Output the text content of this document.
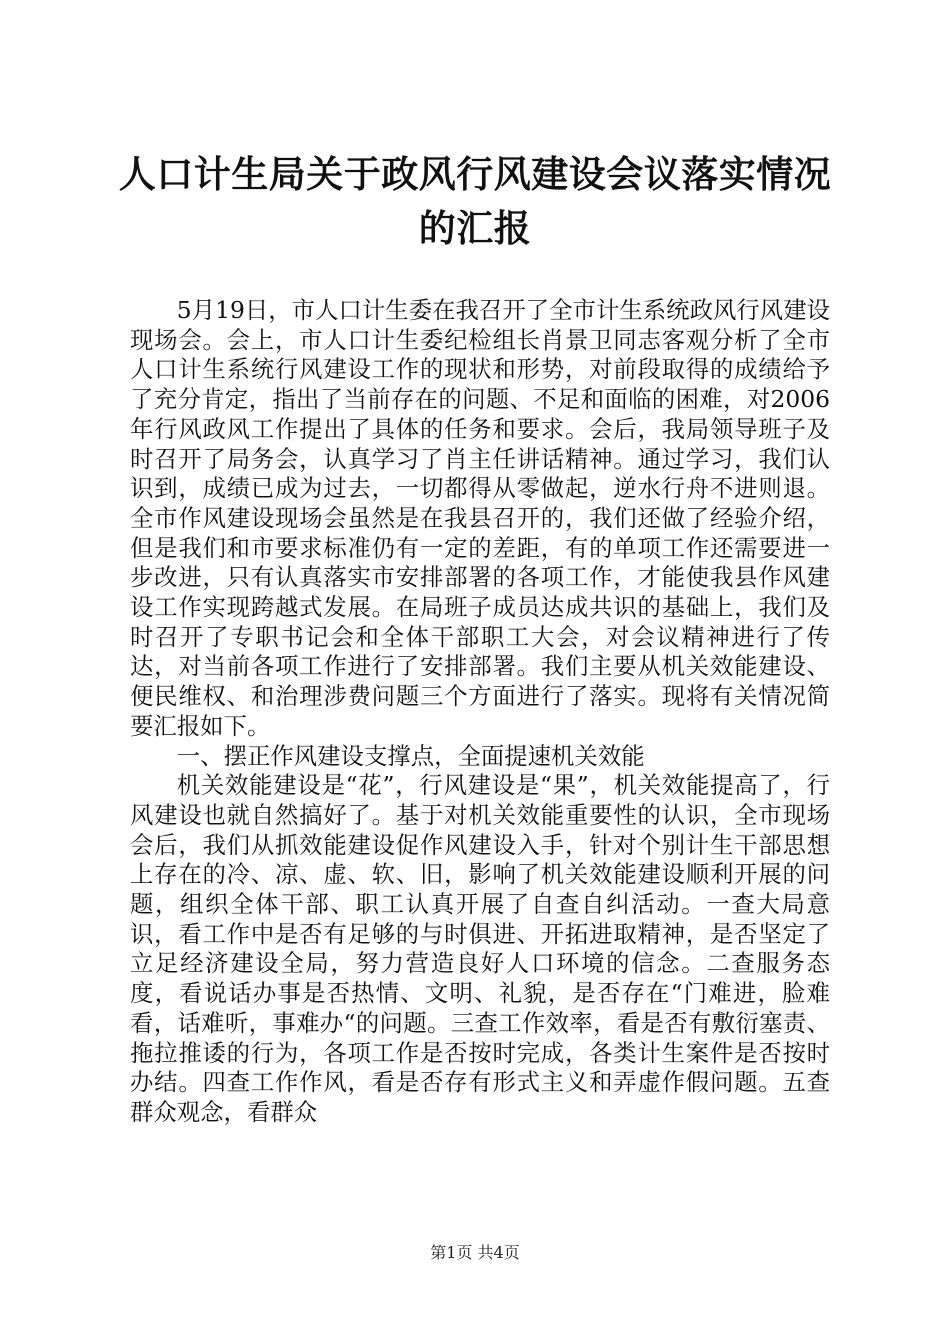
人口计生局关于政风行风建设会议落实情况的汇报

5月19日，市人口计生委在我召开了全市计生系统政风行风建设现场会。会上，市人口计生委纪检组长肖景卫同志客观分析了全市人口计生系统行风建设工作的现状和形势，对前段取得的成绩给予了充分肯定，指出了当前存在的问题、不足和面临的困难，对2006年行风政风工作提出了具体的任务和要求。会后，我局领导班子及时召开了局务会，认真学习了肖主任讲话精神。通过学习，我们认识到，成绩已成为过去，一切都得从零做起，逆水行舟不进则退。全市作风建设现场会虽然是在我县召开的，我们还做了经验介绍，但是我们和市要求标准仍有一定的差距，有的单项工作还需要进一步改进，只有认真落实市安排部署的各项工作，才能使我县作风建设工作实现跨越式发展。在局班子成员达成共识的基础上，我们及时召开了专职书记会和全体干部职工大会，对会议精神进行了传达，对当前各项工作进行了安排部署。我们主要从机关效能建设、便民维权、和治理涉费问题三个方面进行了落实。现将有关情况简要汇报如下。

一、摆正作风建设支撑点，全面提速机关效能

机关效能建设是“花”，行风建设是“果”，机关效能提高了，行风建设也就自然搞好了。基于对机关效能重要性的认识，全市现场会后，我们从抓效能建设促作风建设入手，针对个别计生干部思想上存在的冷、凉、虚、软、旧，影响了机关效能建设顺利开展的问题，组织全体干部、职工认真开展了自查自纠活动。一查大局意识，看工作中是否有足够的与时俱进、开拓进取精神，是否坚定了立足经济建设全局，努力营造良好人口环境的信念。二查服务态度，看说话办事是否热情、文明、礼貌，是否存在“门难进，脸难看，话难听，事难办“的问题。三查工作效率，看是否有敷衍塞责、拖拉推诿的行为，各项工作是否按时完成，各类计生案件是否按时办结。四查工作作风，看是否存有形式主义和弄虚作假问题。五查群众观念，看群众

第1页 共4页
